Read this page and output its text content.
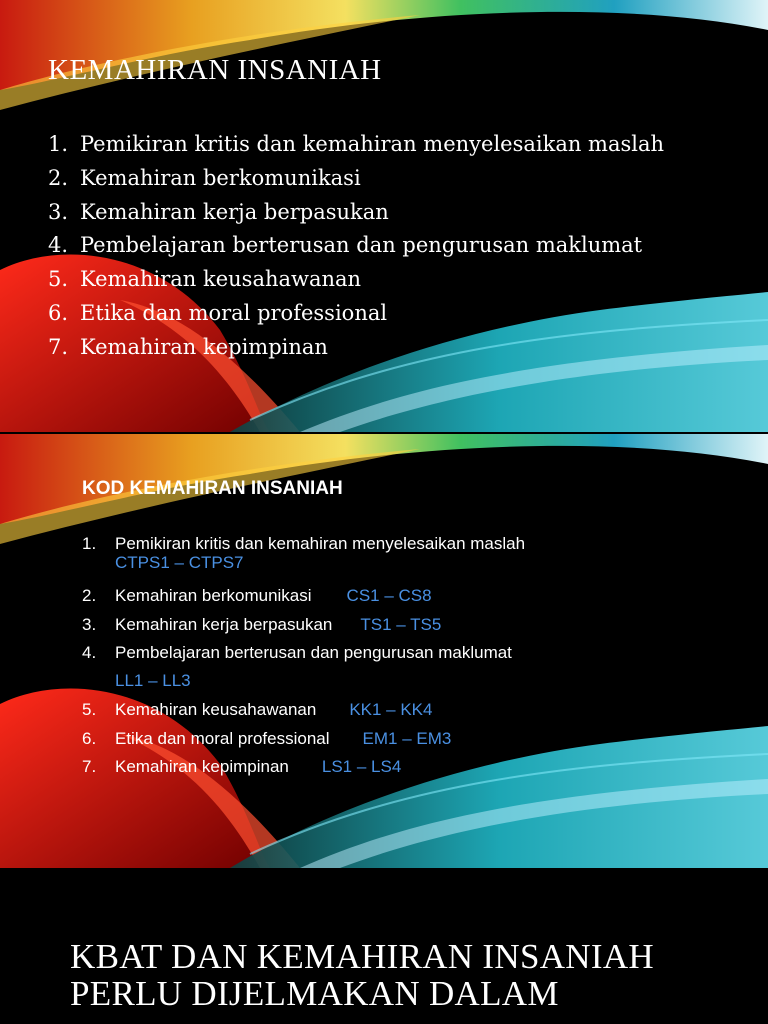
KEMAHIRAN INSANIAH
1. Pemikiran kritis dan kemahiran menyelesaikan maslah
2. Kemahiran berkomunikasi
3. Kemahiran kerja berpasukan
4. Pembelajaran berterusan dan pengurusan maklumat
5. Kemahiran keusahawanan
6. Etika dan moral professional
7. Kemahiran kepimpinan
KOD KEMAHIRAN INSANIAH
1. Pemikiran kritis dan kemahiran menyelesaikan maslah
CTPS1 – CTPS7
2. Kemahiran berkomunikasi CS1 – CS8
3. Kemahiran kerja berpasukan TS1 – TS5
4. Pembelajaran berterusan dan pengurusan maklumat
LL1 – LL3
5. Kemahiran keusahawanan KK1 – KK4
6. Etika dan moral professional EM1 – EM3
7. Kemahiran kepimpinan LS1 – LS4
KBAT DAN KEMAHIRAN INSANIAH
PERLU DIJELMAKAN DALAM
